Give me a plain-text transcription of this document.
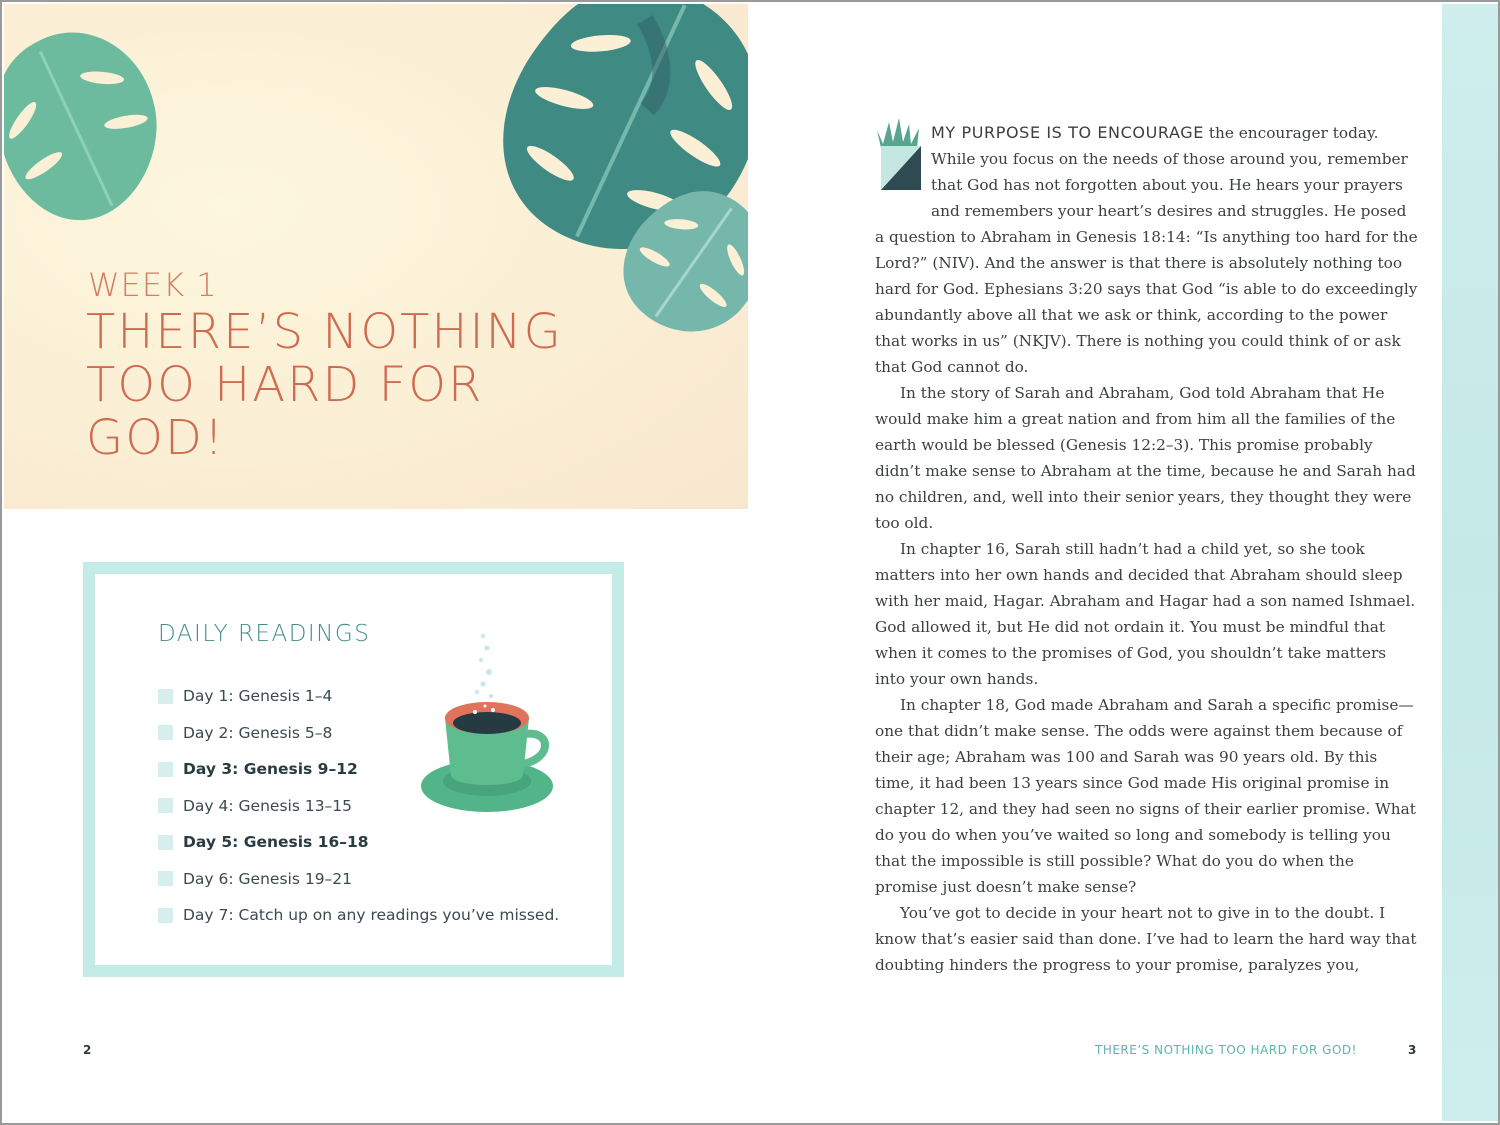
WEEK 1
THERE’S NOTHING TOO HARD FOR GOD!
DAILY READINGS
Day 1: Genesis 1–4
Day 2: Genesis 5–8
Day 3: Genesis 9–12
Day 4: Genesis 13–15
Day 5: Genesis 16–18
Day 6: Genesis 19–21
Day 7: Catch up on any readings you’ve missed.
2

MY PURPOSE IS TO ENCOURAGE the encourager today. While you focus on the needs of those around you, remember that God has not forgotten about you. He hears your prayers and remembers your heart’s desires and struggles. He posed a question to Abraham in Genesis 18:14: “Is anything too hard for the Lord?” (NIV). And the answer is that there is absolutely nothing too hard for God. Ephesians 3:20 says that God “is able to do exceedingly abundantly above all that we ask or think, according to the power that works in us” (NKJV). There is nothing you could think of or ask that God cannot do.

In the story of Sarah and Abraham, God told Abraham that He would make him a great nation and from him all the families of the earth would be blessed (Genesis 12:2–3). This promise probably didn’t make sense to Abraham at the time, because he and Sarah had no children, and, well into their senior years, they thought they were too old.

In chapter 16, Sarah still hadn’t had a child yet, so she took matters into her own hands and decided that Abraham should sleep with her maid, Hagar. Abraham and Hagar had a son named Ishmael. God allowed it, but He did not ordain it. You must be mindful that when it comes to the promises of God, you shouldn’t take matters into your own hands.

In chapter 18, God made Abraham and Sarah a specific promise—one that didn’t make sense. The odds were against them because of their age; Abraham was 100 and Sarah was 90 years old. By this time, it had been 13 years since God made His original promise in chapter 12, and they had seen no signs of their earlier promise. What do you do when you’ve waited so long and somebody is telling you that the impossible is still possible? What do you do when the promise just doesn’t make sense?

You’ve got to decide in your heart not to give in to the doubt. I know that’s easier said than done. I’ve had to learn the hard way that doubting hinders the progress to your promise, paralyzes you,

THERE’S NOTHING TOO HARD FOR GOD!	3
